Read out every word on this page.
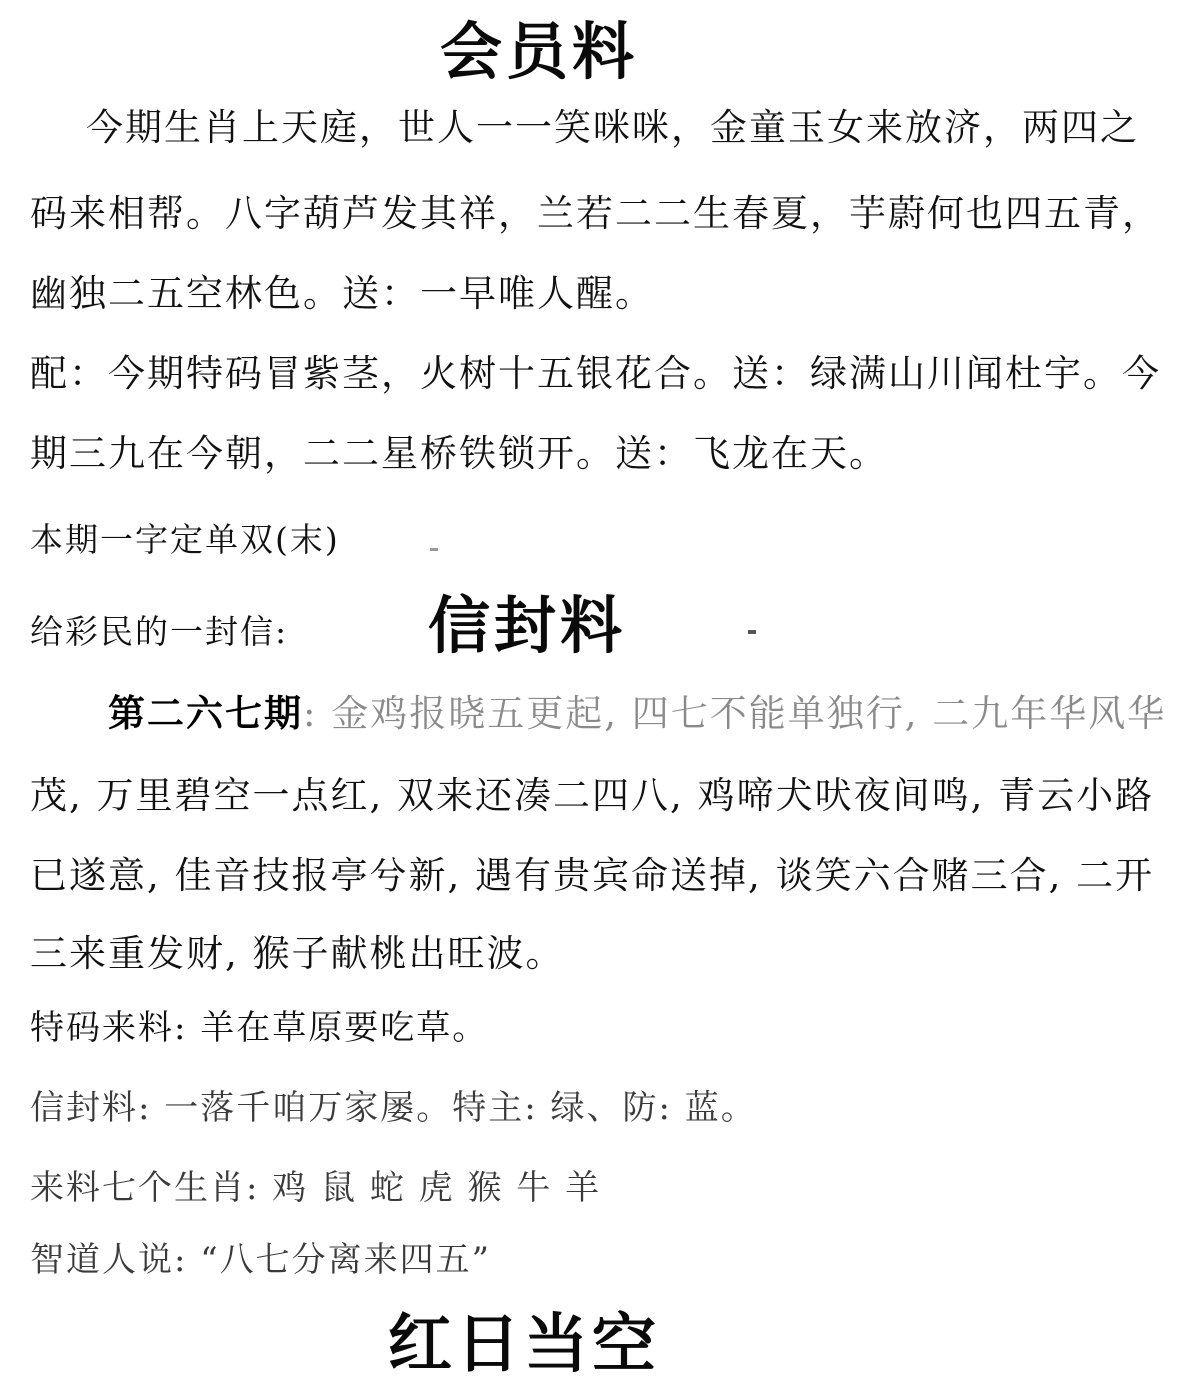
会员料
今期生肖上天庭，世人一一笑咪咪，金童玉女来放济，两四之
码来相帮。八字葫芦发其祥，兰若二二生春夏，芋蔚何也四五青，
幽独二五空林色。送：一早唯人醒。
配：今期特码冒紫茎，火树十五银花合。送：绿满山川闻杜宇。今
期三九在今朝，二二星桥铁锁开。送：飞龙在天。
本期一字定单双(末)
给彩民的一封信:	信封料
第二六七期: 金鸡报晓五更起, 四七不能单独行, 二九年华风华
茂, 万里碧空一点红, 双来还凑二四八, 鸡啼犬吠夜间鸣, 青云小路
已遂意, 佳音技报亭兮新, 遇有贵宾命送掉, 谈笑六合赌三合, 二开
三来重发财, 猴子献桃出旺波。
特码来料: 羊在草原要吃草。
信封料: 一落千咱万家屡。特主: 绿、防: 蓝。
来料七个生肖: 鸡 鼠 蛇 虎 猴 牛 羊
智道人说: “八七分离来四五”
红日当空
